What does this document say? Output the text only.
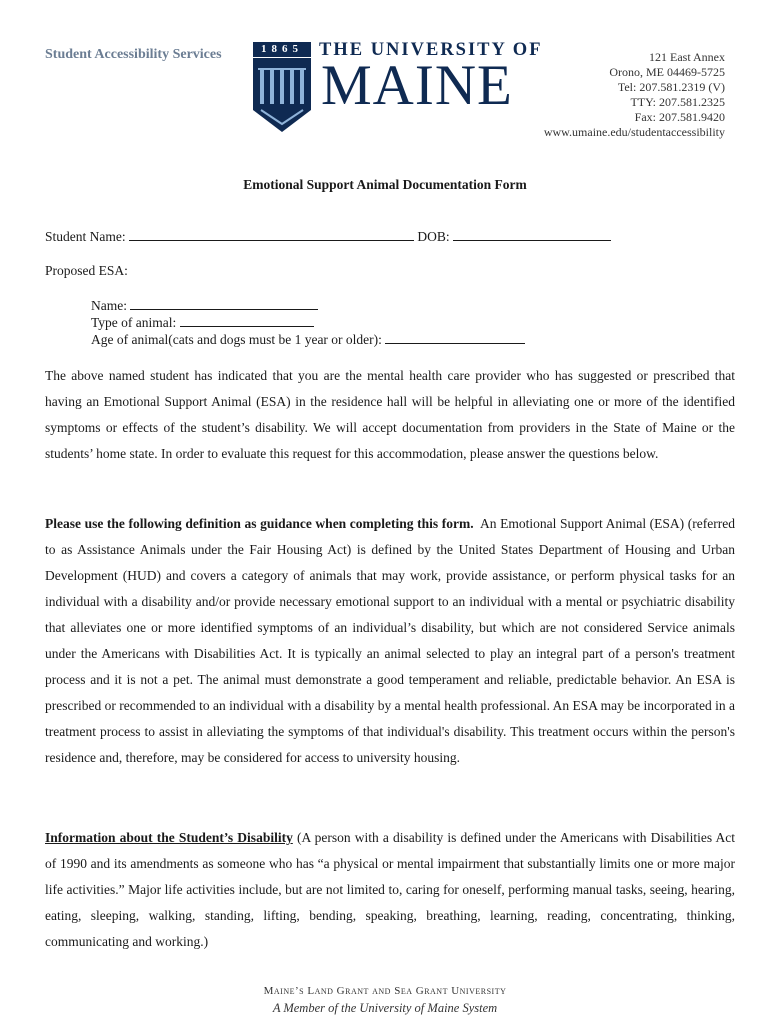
Student Accessibility Services	1865 THE UNIVERSITY OF
MAINE	121 East Annex
Orono, ME 04469-5725
Tel: 207.581.2319 (V)
TTY: 207.581.2325
Fax: 207.581.9420
www.umaine.edu/studentaccessibility
Emotional Support Animal Documentation Form
Student Name:	DOB:
Proposed ESA:
Name:
Type of animal:
Age of animal(cats and dogs must be 1 year or older):
The above named student has indicated that you are the mental health care provider who has suggested or prescribed that having an Emotional Support Animal (ESA) in the residence hall will be helpful in alleviating one or more of the identified symptoms or effects of the student’s disability. We will accept documentation from providers in the State of Maine or the students’ home state. In order to evaluate this request for this accommodation, please answer the questions below.
Please use the following definition as guidance when completing this form. An Emotional Support Animal (ESA) (referred to as Assistance Animals under the Fair Housing Act) is defined by the United States Department of Housing and Urban Development (HUD) and covers a category of animals that may work, provide assistance, or perform physical tasks for an individual with a disability and/or provide necessary emotional support to an individual with a mental or psychiatric disability that alleviates one or more identified symptoms of an individual’s disability, but which are not considered Service animals under the Americans with Disabilities Act. It is typically an animal selected to play an integral part of a person's treatment process and it is not a pet. The animal must demonstrate a good temperament and reliable, predictable behavior. An ESA is prescribed or recommended to an individual with a disability by a mental health professional. An ESA may be incorporated in a treatment process to assist in alleviating the symptoms of that individual's disability. This treatment occurs within the person's residence and, therefore, may be considered for access to university housing.
Information about the Student’s Disability (A person with a disability is defined under the Americans with Disabilities Act of 1990 and its amendments as someone who has “a physical or mental impairment that substantially limits one or more major life activities.” Major life activities include, but are not limited to, caring for oneself, performing manual tasks, seeing, hearing, eating, sleeping, walking, standing, lifting, bending, speaking, breathing, learning, reading, concentrating, thinking, communicating and working.)
Maine’s Land Grant and Sea Grant University
A Member of the University of Maine System
